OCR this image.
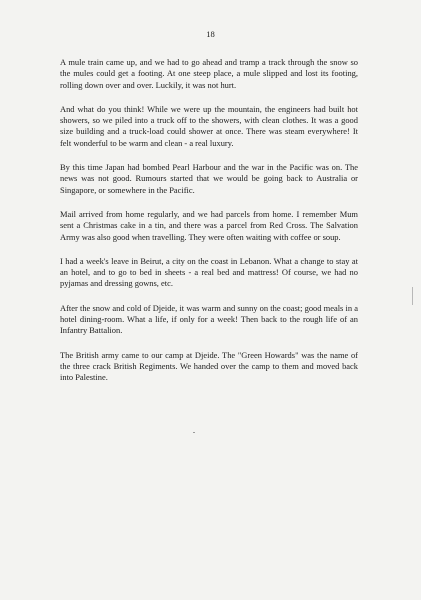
18

A mule train came up, and we had to go ahead and tramp a track through the snow so the mules could get a footing. At one steep place, a mule slipped and lost its footing, rolling down over and over. Luckily, it was not hurt.

And what do you think! While we were up the mountain, the engineers had built hot showers, so we piled into a truck off to the showers, with clean clothes. It was a good size building and a truck-load could shower at once. There was steam everywhere! It felt wonderful to be warm and clean - a real luxury.

By this time Japan had bombed Pearl Harbour and the war in the Pacific was on. The news was not good. Rumours started that we would be going back to Australia or Singapore, or somewhere in the Pacific.

Mail arrived from home regularly, and we had parcels from home. I remember Mum sent a Christmas cake in a tin, and there was a parcel from Red Cross. The Salvation Army was also good when travelling. They were often waiting with coffee or soup.

I had a week's leave in Beirut, a city on the coast in Lebanon. What a change to stay at an hotel, and to go to bed in sheets - a real bed and mattress! Of course, we had no pyjamas and dressing gowns, etc.

After the snow and cold of Djeide, it was warm and sunny on the coast; good meals in a hotel dining-room. What a life, if only for a week! Then back to the rough life of an Infantry Battalion.

The British army came to our camp at Djeide. The "Green Howards" was the name of the three crack British Regiments. We handed over the camp to them and moved back into Palestine.
